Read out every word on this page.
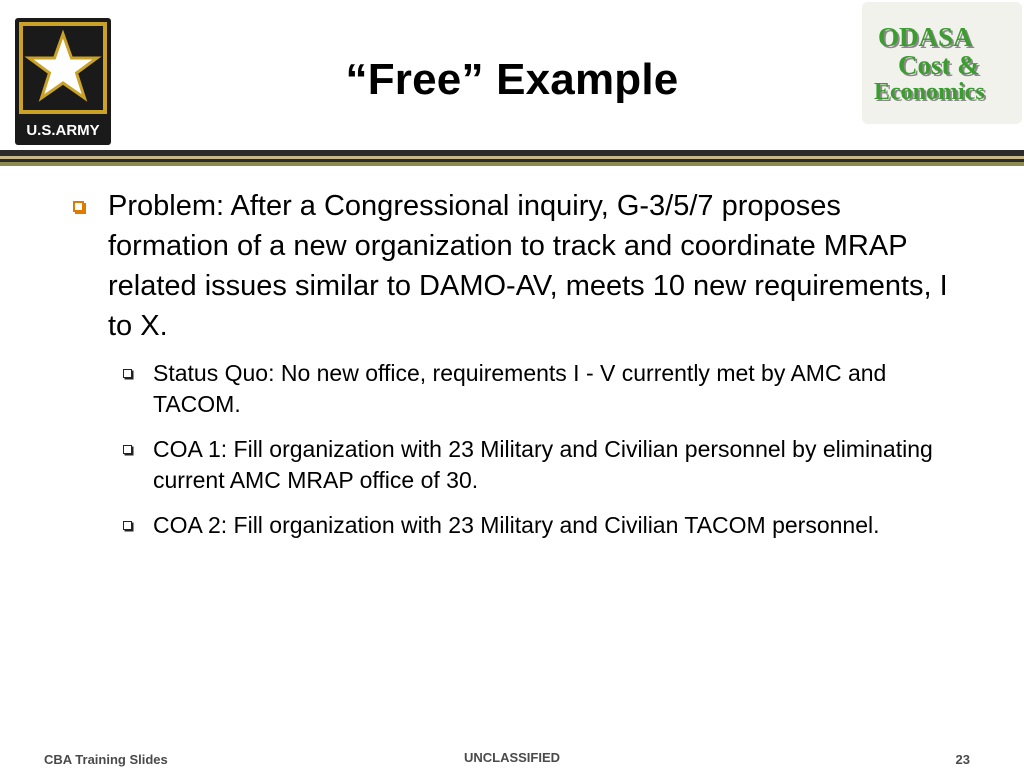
U.S.ARMY
“Free” Example
ODASA
Cost &
Economics
Problem: After a Congressional inquiry, G-3/5/7 proposes formation of a new organization to track and coordinate MRAP related issues similar to DAMO-AV, meets 10 new requirements, I to X.
Status Quo: No new office, requirements I - V currently met by AMC and TACOM.
COA 1: Fill organization with 23 Military and Civilian personnel by eliminating current AMC MRAP office of 30.
COA 2: Fill organization with 23 Military and Civilian TACOM personnel.
CBA Training Slides	UNCLASSIFIED	23
